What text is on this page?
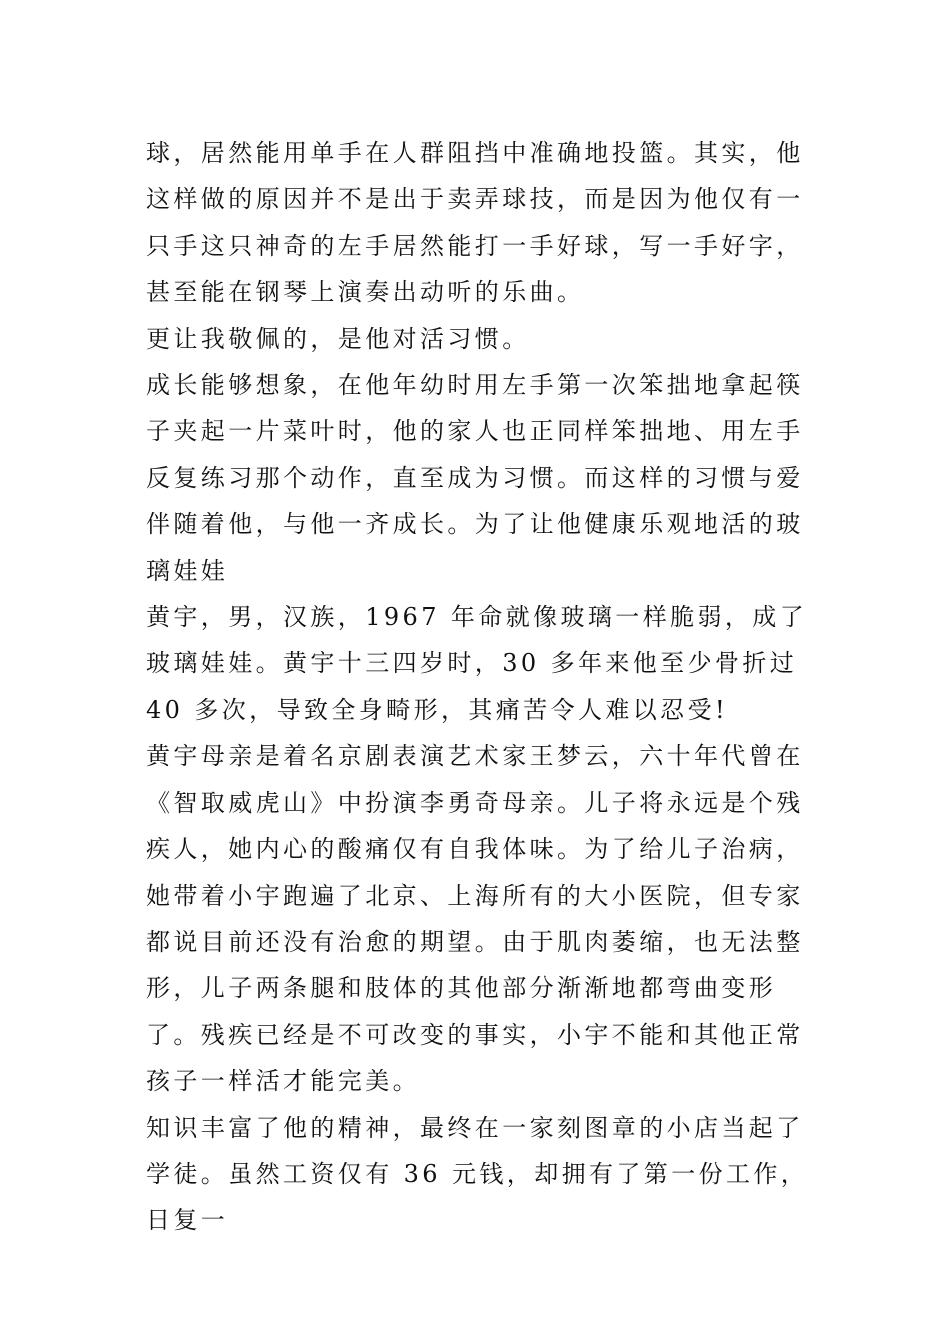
球，居然能用单手在人群阻挡中准确地投篮。其实，他这样做的原因并不是出于卖弄球技，而是因为他仅有一只手这只神奇的左手居然能打一手好球，写一手好字，甚至能在钢琴上演奏出动听的乐曲。

更让我敬佩的，是他对活习惯。

成长能够想象，在他年幼时用左手第一次笨拙地拿起筷子夹起一片菜叶时，他的家人也正同样笨拙地、用左手反复练习那个动作，直至成为习惯。而这样的习惯与爱伴随着他，与他一齐成长。为了让他健康乐观地活的玻璃娃娃

黄宇，男，汉族，1967 年命就像玻璃一样脆弱，成了玻璃娃娃。黄宇十三四岁时，30 多年来他至少骨折过 40 多次，导致全身畸形，其痛苦令人难以忍受!

黄宇母亲是着名京剧表演艺术家王梦云，六十年代曾在《智取威虎山》中扮演李勇奇母亲。儿子将永远是个残疾人，她内心的酸痛仅有自我体味。为了给儿子治病，她带着小宇跑遍了北京、上海所有的大小医院，但专家都说目前还没有治愈的期望。由于肌肉萎缩，也无法整形，儿子两条腿和肢体的其他部分渐渐地都弯曲变形了。残疾已经是不可改变的事实，小宇不能和其他正常孩子一样活才能完美。

知识丰富了他的精神，最终在一家刻图章的小店当起了学徒。虽然工资仅有 36 元钱，却拥有了第一份工作，日复一
